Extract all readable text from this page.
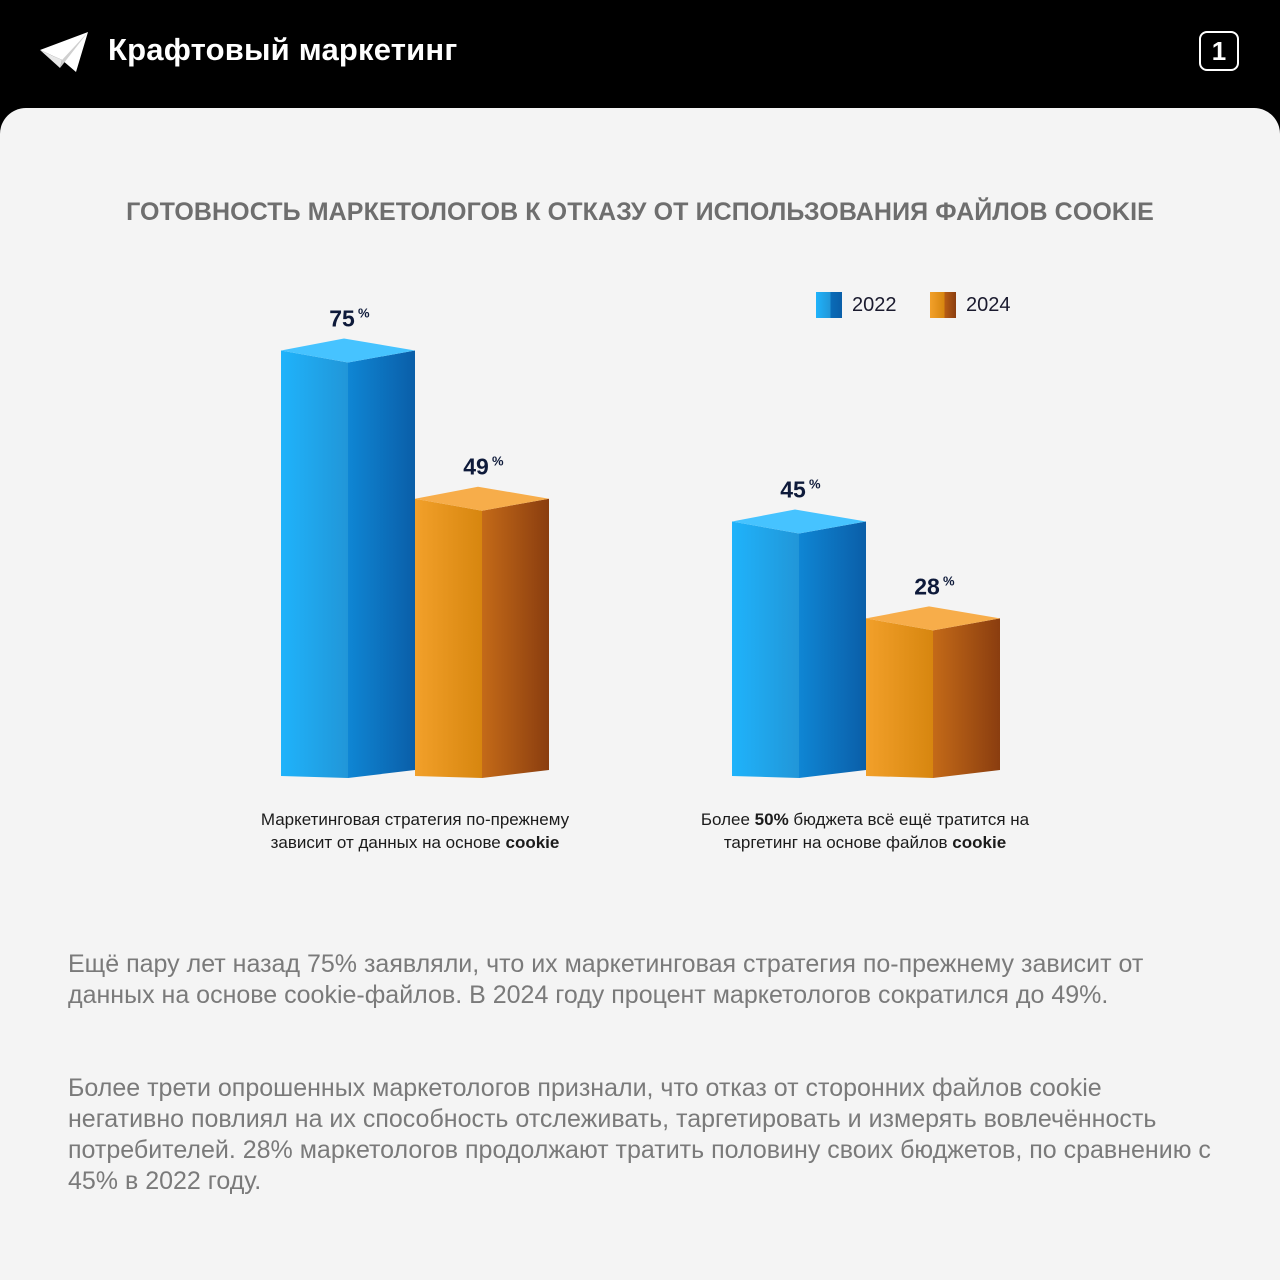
Крафтовый маркетинг	1
ГОТОВНОСТЬ МАРКЕТОЛОГОВ К ОТКАЗУ ОТ ИСПОЛЬЗОВАНИЯ ФАЙЛОВ COOKIE
75 %
49 %
45 %
28 %
2022	2024
Маркетинговая стратегия по-прежнему
зависит от данных на основе cookie
Более 50% бюджета всё ещё тратится на
таргетинг на основе файлов cookie
Ещё пару лет назад 75% заявляли, что их маркетинговая стратегия по-прежнему зависит от данных на основе cookie-файлов. В 2024 году процент маркетологов сократился до 49%.
Более трети опрошенных маркетологов признали, что отказ от сторонних файлов cookie негативно повлиял на их способность отслеживать, таргетировать и измерять вовлечённость потребителей. 28% маркетологов продолжают тратить половину своих бюджетов, по сравнению с 45% в 2022 году.
